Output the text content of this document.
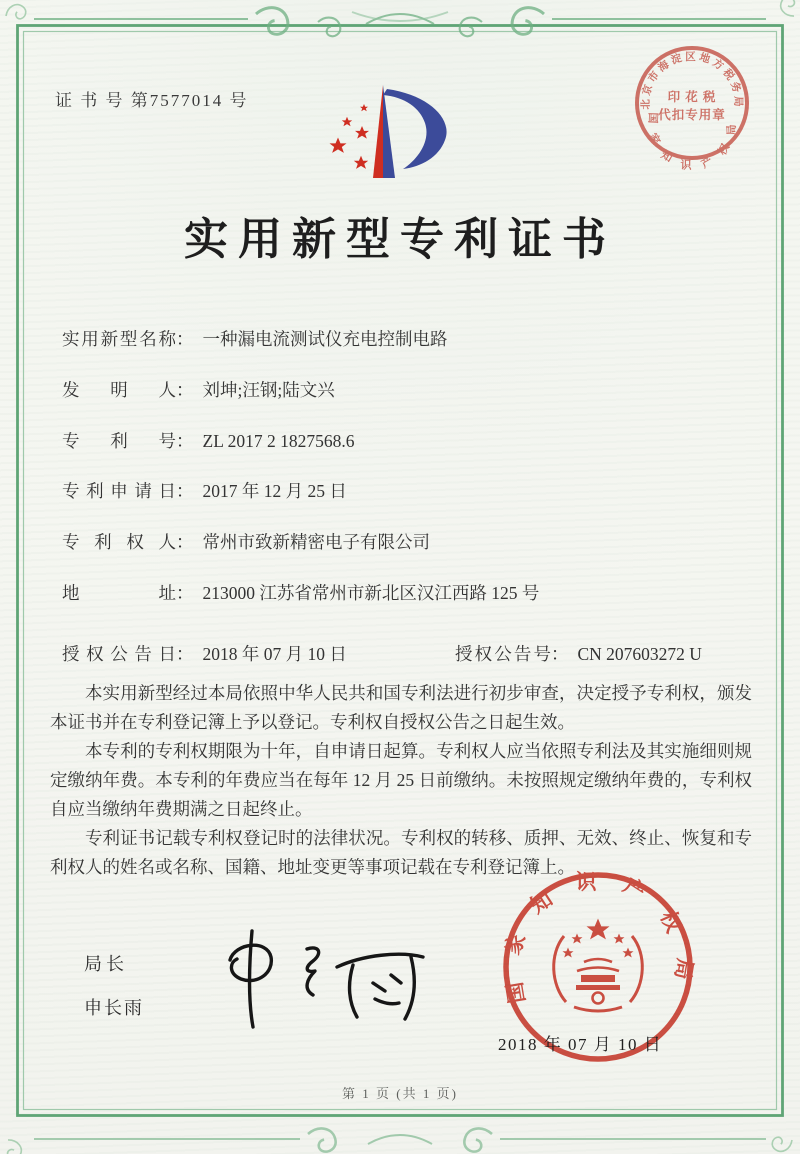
证 书 号 第7577014 号	北京市海淀区地方税务局
国家知识产权局
印 花 税
代扣专用章
实用新型专利证书
实用新型名称： 一种漏电流测试仪充电控制电路
发明人： 刘坤;汪钢;陆文兴
专利号： ZL 2017 2 1827568.6
专利申请日： 2017 年 12 月 25 日
专利权人： 常州市致新精密电子有限公司
地址： 213000 江苏省常州市新北区汉江西路 125 号
授权公告日： 2018 年 07 月 10 日	授权公告号： CN 207603272 U

本实用新型经过本局依照中华人民共和国专利法进行初步审查，决定授予专利权，颁发本证书并在专利登记簿上予以登记。专利权自授权公告之日起生效。

本专利的专利权期限为十年，自申请日起算。专利权人应当依照专利法及其实施细则规定缴纳年费。本专利的年费应当在每年 12 月 25 日前缴纳。未按照规定缴纳年费的，专利权自应当缴纳年费期满之日起终止。

专利证书记载专利权登记时的法律状况。专利权的转移、质押、无效、终止、恢复和专利权人的姓名或名称、国籍、地址变更等事项记载在专利登记簿上。

局长
申长雨
国家知识产权局
2018 年 07 月 10 日
第 1 页 (共 1 页)
